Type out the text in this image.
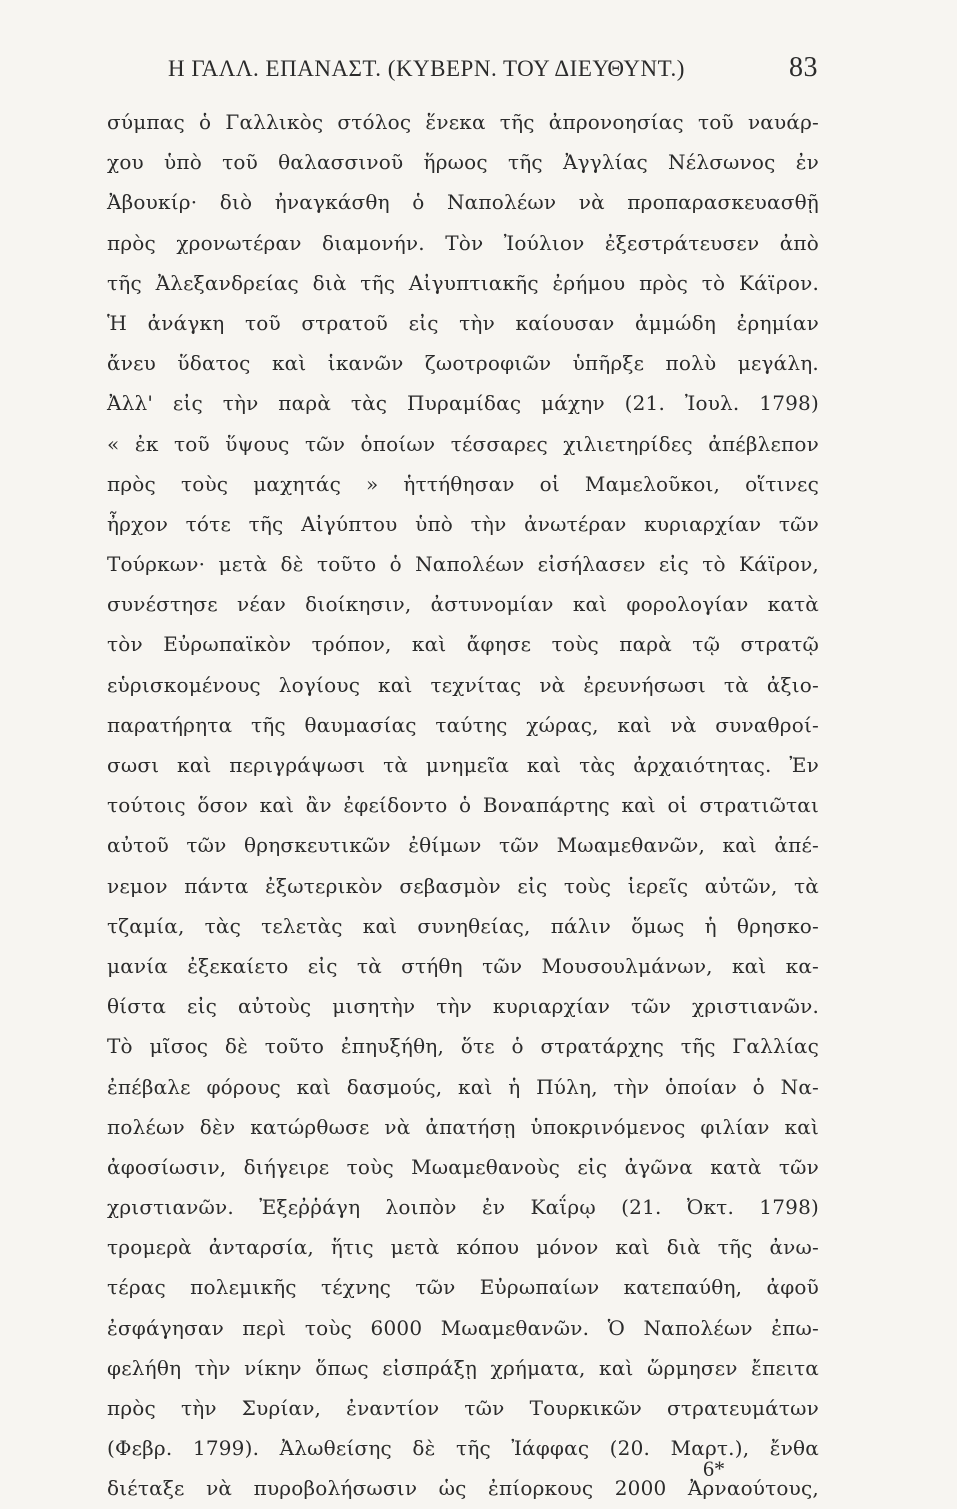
Η ΓΑΛΛ. ΕΠΑΝΑΣΤ. (ΚΥΒΕΡΝ. ΤΟΥ ΔΙΕΥΘΥΝΤ.)	83
σύμπας ὁ Γαλλικὸς στόλος ἕνεκα τῆς ἀπρονοησίας τοῦ ναυάρ-
χου ὑπὸ τοῦ θαλασσινοῦ ἥρωος τῆς Ἀγγλίας Νέλσωνος ἐν
Ἀβουκίρ· διὸ ἠναγκάσθη ὁ Ναπολέων νὰ προπαρασκευασθῇ
πρὸς χρονωτέραν διαμονήν. Τὸν Ἰούλιον ἐξεστράτευσεν ἀπὸ
τῆς Ἀλεξανδρείας διὰ τῆς Αἰγυπτιακῆς ἐρήμου πρὸς τὸ Κάϊρον.
Ἡ ἀνάγκη τοῦ στρατοῦ εἰς τὴν καίουσαν ἀμμώδη ἐρημίαν
ἄνευ ὕδατος καὶ ἱκανῶν ζωοτροφιῶν ὑπῆρξε πολὺ μεγάλη.
Ἀλλ' εἰς τὴν παρὰ τὰς Πυραμίδας μάχην (21. Ἰουλ. 1798)
« ἐκ τοῦ ὕψους τῶν ὁποίων τέσσαρες χιλιετηρίδες ἀπέβλεπον
πρὸς τοὺς μαχητάς » ἡττήθησαν οἱ Μαμελοῦκοι, οἵτινες
ἦρχον τότε τῆς Αἰγύπτου ὑπὸ τὴν ἀνωτέραν κυριαρχίαν τῶν
Τούρκων· μετὰ δὲ τοῦτο ὁ Ναπολέων εἰσήλασεν εἰς τὸ Κάϊρον,
συνέστησε νέαν διοίκησιν, ἀστυνομίαν καὶ φορολογίαν κατὰ
τὸν Εὐρωπαϊκὸν τρόπον, καὶ ἄφησε τοὺς παρὰ τῷ στρατῷ
εὑρισκομένους λογίους καὶ τεχνίτας νὰ ἐρευνήσωσι τὰ ἀξιο-
παρατήρητα τῆς θαυμασίας ταύτης χώρας, καὶ νὰ συναθροί-
σωσι καὶ περιγράψωσι τὰ μνημεῖα καὶ τὰς ἀρχαιότητας. Ἐν
τούτοις ὅσον καὶ ἂν ἐφείδοντο ὁ Βοναπάρτης καὶ οἱ στρατιῶται
αὐτοῦ τῶν θρησκευτικῶν ἐθίμων τῶν Μωαμεθανῶν, καὶ ἀπέ-
νεμον πάντα ἐξωτερικὸν σεβασμὸν εἰς τοὺς ἱερεῖς αὐτῶν, τὰ
τζαμία, τὰς τελετὰς καὶ συνηθείας, πάλιν ὅμως ἡ θρησκο-
μανία ἐξεκαίετο εἰς τὰ στήθη τῶν Μουσουλμάνων, καὶ κα-
θίστα εἰς αὐτοὺς μισητὴν τὴν κυριαρχίαν τῶν χριστιανῶν.
Τὸ μῖσος δὲ τοῦτο ἐπηυξήθη, ὅτε ὁ στρατάρχης τῆς Γαλλίας
ἐπέβαλε φόρους καὶ δασμούς, καὶ ἡ Πύλη, τὴν ὁποίαν ὁ Να-
πολέων δὲν κατώρθωσε νὰ ἀπατήσῃ ὑποκρινόμενος φιλίαν καὶ
ἀφοσίωσιν, διήγειρε τοὺς Μωαμεθανοὺς εἰς ἀγῶνα κατὰ τῶν
χριστιανῶν. Ἐξεῤῥάγη λοιπὸν ἐν Καΐρῳ (21. Ὀκτ. 1798)
τρομερὰ ἀνταρσία, ἥτις μετὰ κόπου μόνον καὶ διὰ τῆς ἀνω-
τέρας πολεμικῆς τέχνης τῶν Εὐρωπαίων κατεπαύθη, ἀφοῦ
ἐσφάγησαν περὶ τοὺς 6000 Μωαμεθανῶν. Ὁ Ναπολέων ἐπω-
φελήθη τὴν νίκην ὅπως εἰσπράξῃ χρήματα, καὶ ὥρμησεν ἔπειτα
πρὸς τὴν Συρίαν, ἐναντίον τῶν Τουρκικῶν στρατευμάτων
(Φεβρ. 1799). Ἀλωθείσης δὲ τῆς Ἰάφφας (20. Μαρτ.), ἔνθα
διέταξε νὰ πυροβολήσωσιν ὡς ἐπίορκους 2000 Ἀρναούτους,
6*
